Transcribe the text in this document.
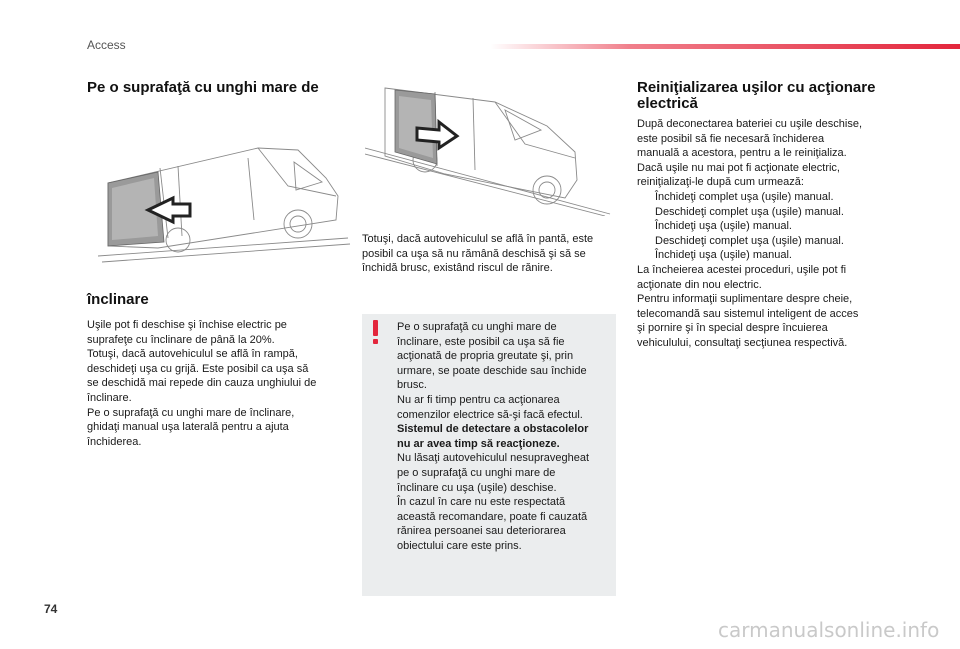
Access
Pe o suprafaţă cu unghi mare de
înclinare

Uşile pot fi deschise şi închise electric pe

suprafeţe cu înclinare de până la 20%.

Totuşi, dacă autovehiculul se află în rampă,

deschideţi uşa cu grijă. Este posibil ca uşa să

se deschidă mai repede din cauza unghiului de

înclinare.

Pe o suprafaţă cu unghi mare de înclinare,

ghidaţi manual uşa laterală pentru a ajuta

închiderea.

Totuşi, dacă autovehiculul se află în pantă, este

posibil ca uşa să nu rămână deschisă şi să se

închidă brusc, existând riscul de rănire.

Pe o suprafaţă cu unghi mare de

înclinare, este posibil ca uşa să fie

acţionată de propria greutate şi, prin

urmare, se poate deschide sau închide

brusc.

Nu ar fi timp pentru ca acţionarea

comenzilor electrice să-şi facă efectul.

Sistemul de detectare a obstacolelor

nu ar avea timp să reacţioneze.

Nu lăsaţi autovehiculul nesupravegheat

pe o suprafaţă cu unghi mare de

înclinare cu uşa (uşile) deschise.

În cazul în care nu este respectată

această recomandare, poate fi cauzată

rănirea persoanei sau deteriorarea

obiectului care este prins.

Reiniţializarea uşilor cu acţionare
electrică

După deconectarea bateriei cu uşile deschise,

este posibil să fie necesară închiderea

manuală a acestora, pentru a le reiniţializa.

Dacă uşile nu mai pot fi acţionate electric,

reiniţializaţi-le după cum urmează:

Închideţi complet uşa (uşile) manual.
Deschideţi complet uşa (uşile) manual.
Închideţi uşa (uşile) manual.
Deschideţi complet uşa (uşile) manual.
Închideţi uşa (uşile) manual.

La încheierea acestei proceduri, uşile pot fi

acţionate din nou electric.

Pentru informaţii suplimentare despre cheie,

telecomandă sau sistemul inteligent de acces

şi pornire şi în special despre încuierea

vehiculului, consultaţi secţiunea respectivă.

74
carmanualsonline.info
